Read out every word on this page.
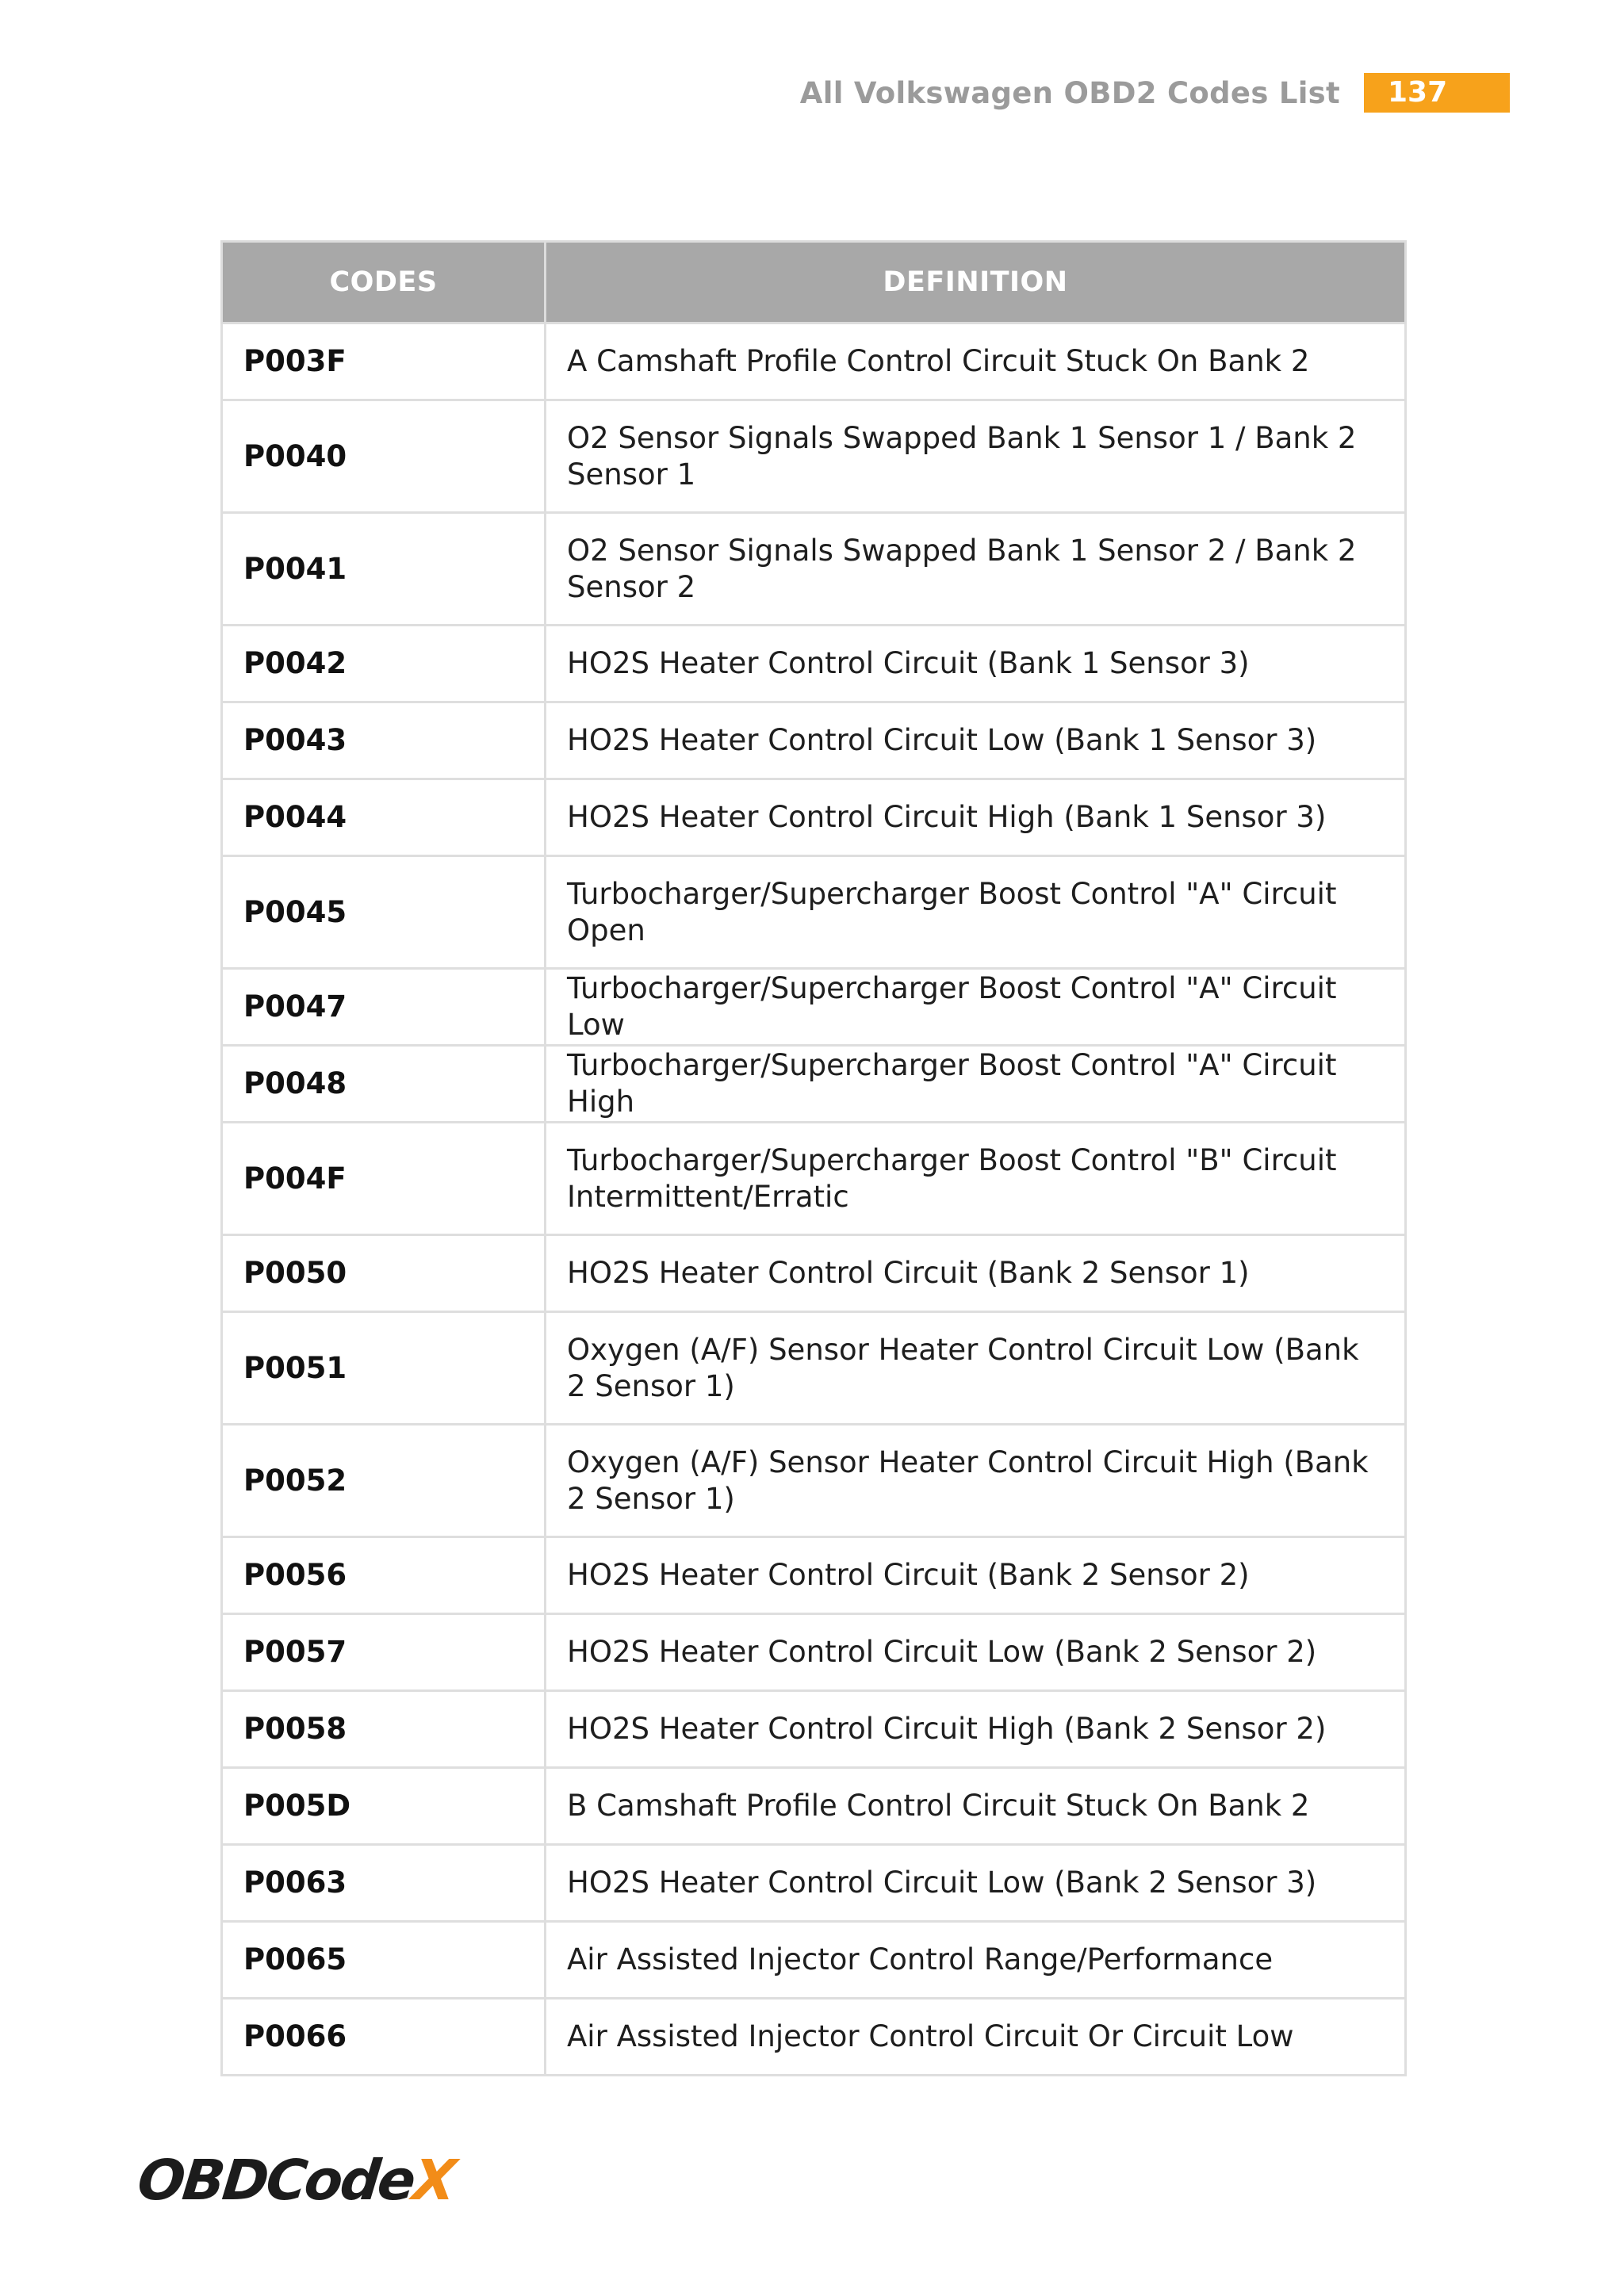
All Volkswagen OBD2 Codes List	137
CODES	DEFINITION
P003F	A Camshaft Profile Control Circuit Stuck On Bank 2
P0040	O2 Sensor Signals Swapped Bank 1 Sensor 1 / Bank 2 Sensor 1
P0041	O2 Sensor Signals Swapped Bank 1 Sensor 2 / Bank 2 Sensor 2
P0042	HO2S Heater Control Circuit (Bank 1 Sensor 3)
P0043	HO2S Heater Control Circuit Low (Bank 1 Sensor 3)
P0044	HO2S Heater Control Circuit High (Bank 1 Sensor 3)
P0045	Turbocharger/Supercharger Boost Control "A" Circuit Open
P0047	Turbocharger/Supercharger Boost Control "A" Circuit Low
P0048	Turbocharger/Supercharger Boost Control "A" Circuit High
P004F	Turbocharger/Supercharger Boost Control "B" Circuit Intermittent/Erratic
P0050	HO2S Heater Control Circuit (Bank 2 Sensor 1)
P0051	Oxygen (A/F) Sensor Heater Control Circuit Low (Bank 2 Sensor 1)
P0052	Oxygen (A/F) Sensor Heater Control Circuit High (Bank 2 Sensor 1)
P0056	HO2S Heater Control Circuit (Bank 2 Sensor 2)
P0057	HO2S Heater Control Circuit Low (Bank 2 Sensor 2)
P0058	HO2S Heater Control Circuit High (Bank 2 Sensor 2)
P005D	B Camshaft Profile Control Circuit Stuck On Bank 2
P0063	HO2S Heater Control Circuit Low (Bank 2 Sensor 3)
P0065	Air Assisted Injector Control Range/Performance
P0066	Air Assisted Injector Control Circuit Or Circuit Low
OBDCodeX
